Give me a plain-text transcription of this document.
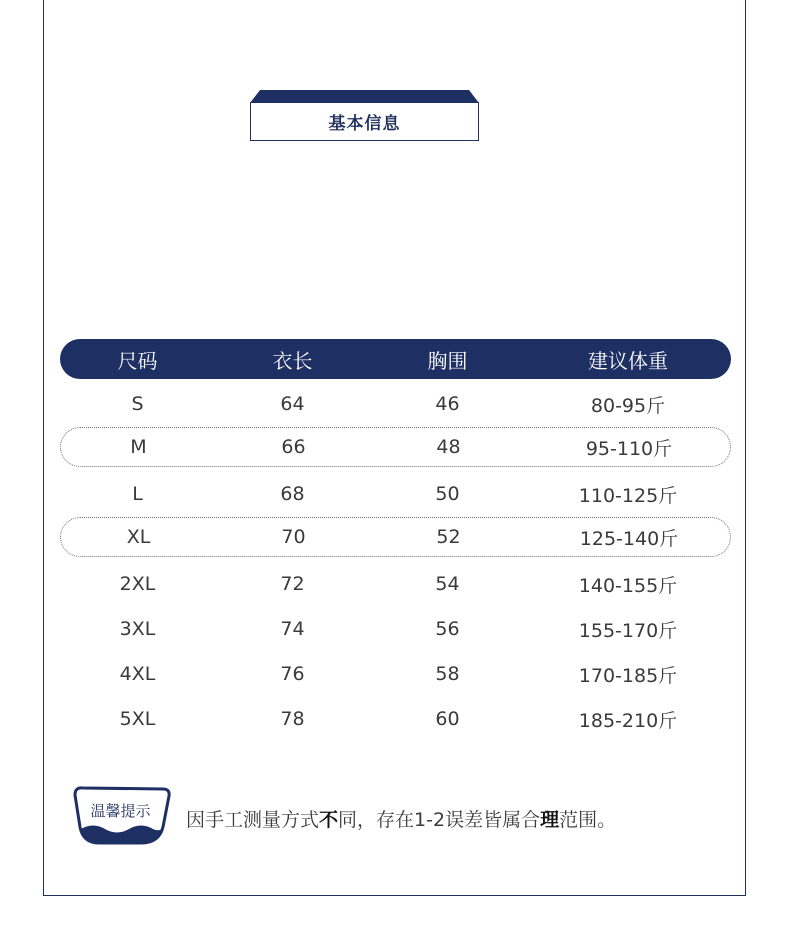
基本信息
尺码	衣长	胸围	建议体重
S	64	46	80-95斤
M	66	48	95-110斤
L	68	50	110-125斤
XL	70	52	125-140斤
2XL	72	54	140-155斤
3XL	74	56	155-170斤
4XL	76	58	170-185斤
5XL	78	60	185-210斤
温馨提示	因手工测量方式 不 同，存在1-2误差皆属合 理 范围。
